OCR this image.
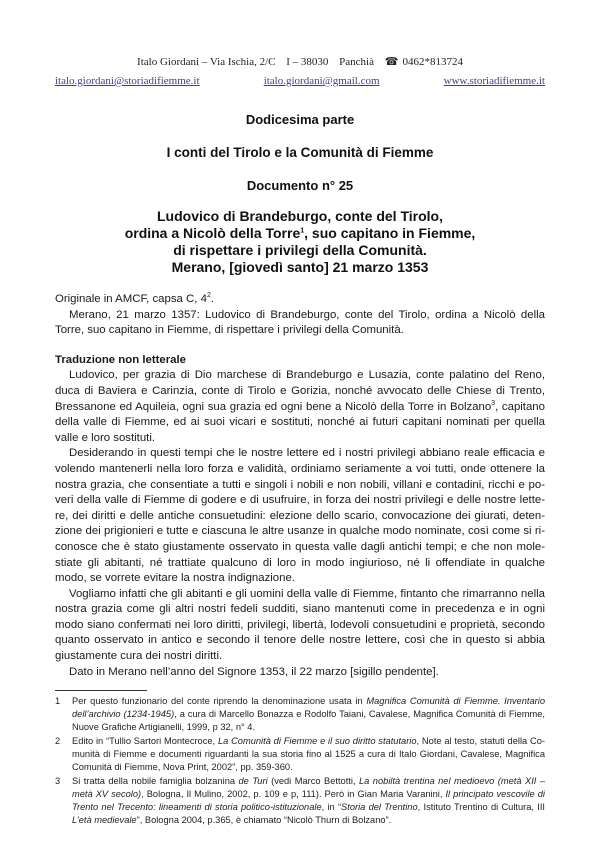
Italo Giordani – Via Ischia, 2/C I – 38030 Panchià ☎ 0462*813724
italo.giordani@storiadifiemme.it	italo.giordani@gmail.com	www.storiadifiemme.it
Dodicesima parte
I conti del Tirolo e la Comunità di Fiemme
Documento n° 25
Ludovico di Brandeburgo, conte del Tirolo,
ordina a Nicolò della Torre$^1$, suo capitano in Fiemme,
di rispettare i privilegi della Comunità.
Merano, [giovedì santo] 21 marzo 1353

Originale in AMCF, capsa C, $4^2$.

Merano, 21 marzo 1357: Ludovico di Brandeburgo, conte del Tirolo, ordina a Nicolò della Torre, suo capitano in Fiemme, di rispettare i privilegi della Comunità.

Traduzione non letterale

Ludovico, per grazia di Dio marchese di Brandeburgo e Lusazia, conte palatino del Reno, duca di Baviera e Carinzia, conte di Tirolo e Gorizia, nonché avvocato delle Chiese di Trento, Bressanone ed Aquileia, ogni sua grazia ed ogni bene a Nicolò della Torre in Bolzano$^3$, capitano della valle di Fiemme, ed ai suoi vicari e sostituti, nonché ai futuri capitani nominati per quella valle e loro sostituti.

Desiderando in questi tempi che le nostre lettere ed i nostri privilegi abbiano reale efficacia e volendo mantenerli nella loro forza e validità, ordiniamo seriamente a voi tutti, onde ottenere la nostra grazia, che consentiate a tutti e singoli i nobili e non nobili, villani e contadini, ricchi e poveri della valle di Fiemme di godere e di usufruire, in forza dei nostri privilegi e delle nostre lettere, dei diritti e delle antiche consuetudini: elezione dello scario, convocazione dei giurati, detenzione dei prigionieri e tutte e ciascuna le altre usanze in qualche modo nominate, così come si riconosce che è stato giustamente osservato in questa valle dagli antichi tempi; e che non molestiate gli abitanti, né trattiate qualcuno di loro in modo ingiurioso, né li offendiate in qualche modo, se vorrete evitare la nostra indignazione.

Vogliamo infatti che gli abitanti e gli uomini della valle di Fiemme, fintanto che rimarranno nella nostra grazia come gli altri nostri fedeli sudditi, siano mantenuti come in precedenza e in ogni modo siano confermati nei loro diritti, privilegi, libertà, lodevoli consuetudini e proprietà, secondo quanto osservato in antico e secondo il tenore delle nostre lettere, così che in questo si abbia giustamente cura dei nostri diritti.

Dato in Merano nell’anno del Signore 1353, il 22 marzo [sigillo pendente].

1	Per questo funzionario del conte riprendo la denominazione usata in Magnifica Comunità di Fiemme. Inventario dell’archivio (1234-1945), a cura di Marcello Bonazza e Rodolfo Taiani, Cavalese, Magnifica Comunità di Fiemme, Nuove Grafiche Artigianelli, 1999, p 32, n° 4.
2	Edito in “Tullio Sartori Montecroce, La Comunità di Fiemme e il suo diritto statutario, Note al testo, statuti della Comunità di Fiemme e documenti riguardanti la sua storia fino al 1525 a cura di Italo Giordani, Cavalese, Magnifica Comunità di Fiemme, Nova Print, 2002”, pp. 359-360.
3	Si tratta della nobile famiglia bolzanina de Turi (vedi Marco Bettotti, La nobiltà trentina nel medioevo (metà XII – metà XV secolo), Bologna, Il Mulino, 2002, p. 109 e p, 111). Però in Gian Maria Varanini, Il principato vescovile di Trento nel Trecento: lineamenti di storia politico-istituzionale, in “Storia del Trentino, Istituto Trentino di Cultura, III L’età medievale”, Bologna 2004, p.365, è chiamato “Nicolò Thurn di Bolzano”.
